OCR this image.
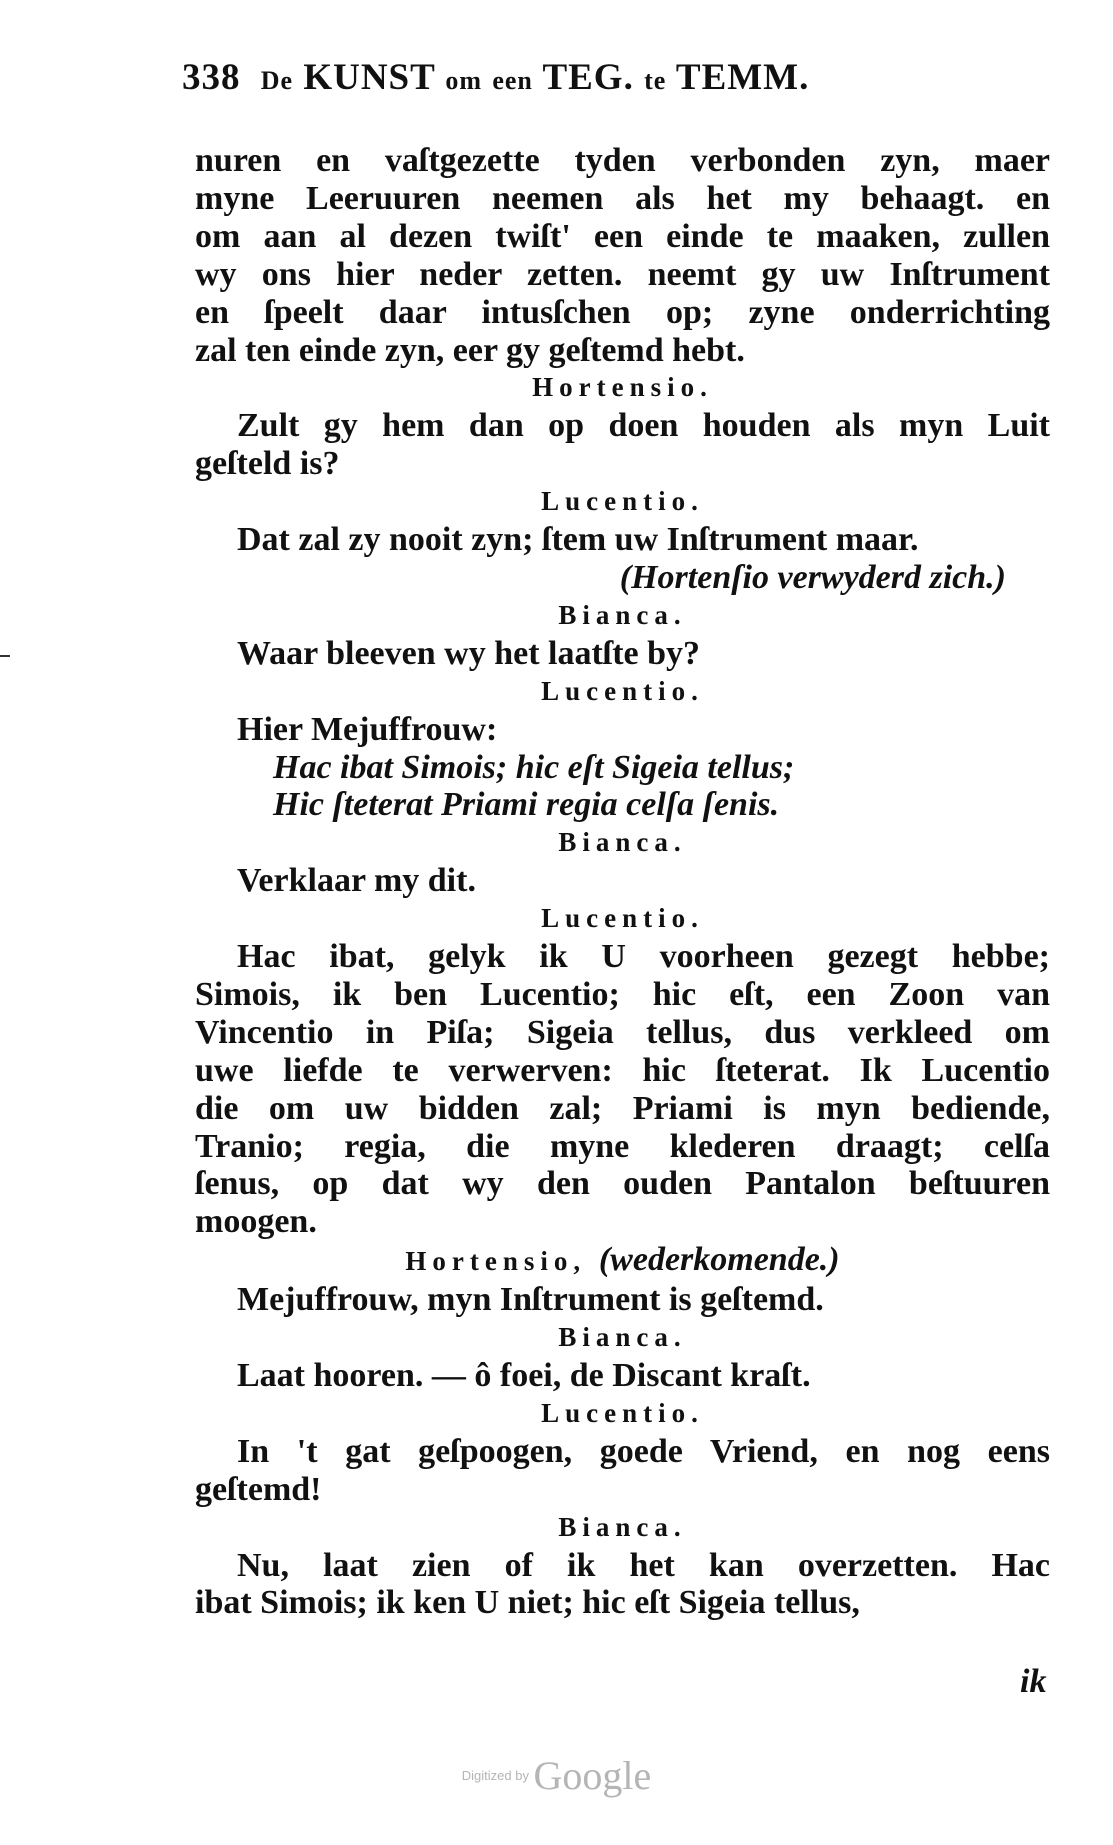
338 De KUNST om een TEG. te TEMM.
nuren en vaſtgezette tyden verbonden zyn, maer
myne Leeruuren neemen als het my behaagt. en
om aan al dezen twiſt' een einde te maaken, zullen
wy ons hier neder zetten. neemt gy uw Inſtrument
en ſpeelt daar intusſchen op; zyne onderrichting
zal ten einde zyn, eer gy geſtemd hebt.
Hortensio.
Zult gy hem dan op doen houden als myn Luit
geſteld is?
Lucentio.
Dat zal zy nooit zyn; ſtem uw Inſtrument maar.
(Hortenſio verwyderd zich.)
Bianca.
Waar bleeven wy het laatſte by?
Lucentio.
Hier Mejuffrouw:
Hac ibat Simois; hic eſt Sigeia tellus;
Hic ſteterat Priami regia celſa ſenis.
Bianca.
Verklaar my dit.
Lucentio.
Hac ibat, gelyk ik U voorheen gezegt hebbe;
Simois, ik ben Lucentio; hic eſt, een Zoon van
Vincentio in Piſa; Sigeia tellus, dus verkleed om
uwe liefde te verwerven: hic ſteterat. Ik Lucentio
die om uw bidden zal; Priami is myn bediende,
Tranio; regia, die myne klederen draagt; celſa
ſenus, op dat wy den ouden Pantalon beſtuuren
moogen.
Hortensio, (wederkomende.)
Mejuffrouw, myn Inſtrument is geſtemd.
Bianca.
Laat hooren. — ô foei, de Discant kraſt.
Lucentio.
In 't gat geſpoogen, goede Vriend, en nog eens
geſtemd!
Bianca.
Nu, laat zien of ik het kan overzetten. Hac
ibat Simois; ik ken U niet; hic eſt Sigeia tellus,
ik
Digitized by Google
